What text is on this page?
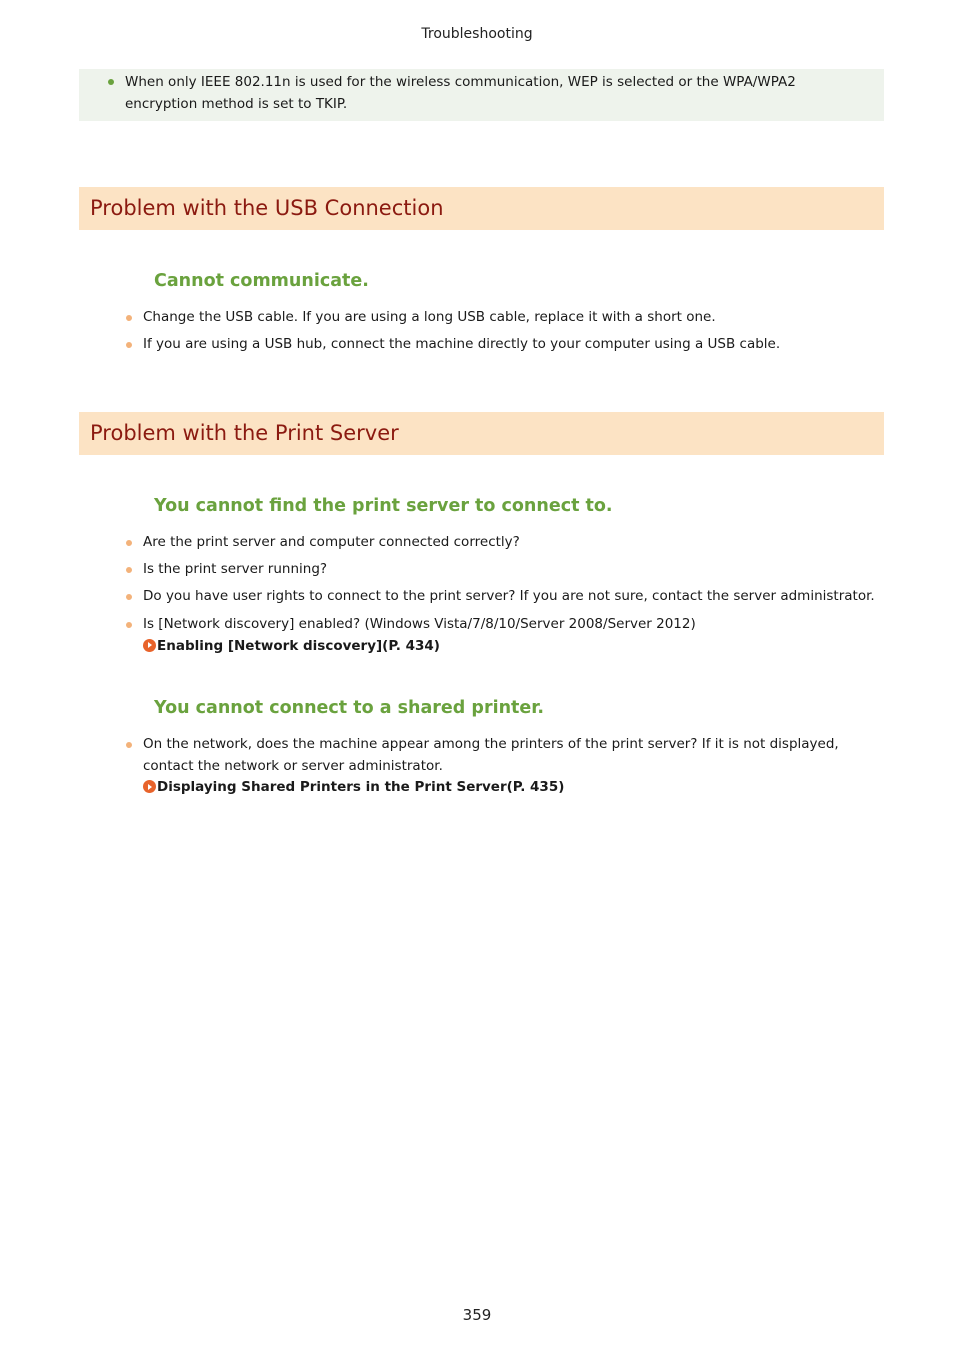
Troubleshooting
When only IEEE 802.11n is used for the wireless communication, WEP is selected or the WPA/WPA2 encryption method is set to TKIP.
Problem with the USB Connection
Cannot communicate.
Change the USB cable. If you are using a long USB cable, replace it with a short one.
If you are using a USB hub, connect the machine directly to your computer using a USB cable.
Problem with the Print Server
You cannot find the print server to connect to.
Are the print server and computer connected correctly?
Is the print server running?
Do you have user rights to connect to the print server? If you are not sure, contact the server administrator.
Is [Network discovery] enabled? (Windows Vista/7/8/10/Server 2008/Server 2012)
Enabling [Network discovery](P. 434)
You cannot connect to a shared printer.
On the network, does the machine appear among the printers of the print server? If it is not displayed, contact the network or server administrator.
Displaying Shared Printers in the Print Server(P. 435)
359
